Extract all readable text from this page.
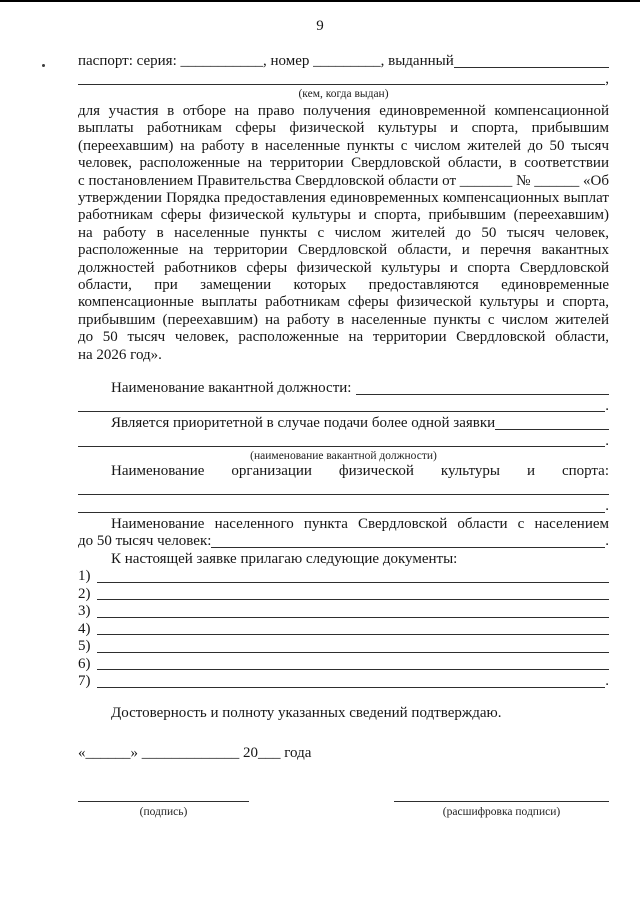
9
паспорт: серия: ___________, номер _________, выданный
,
(кем, когда выдан)
для участия в отборе на право получения единовременной компенсационной выплаты работникам сферы физической культуры и спорта, прибывшим (переехавшим) на работу в населенные пункты с числом жителей до 50 тысяч человек, расположенные на территории Свердловской области, в соответствии с постановлением Правительства Свердловской области от _______ № ______ «Об утверждении Порядка предоставления единовременных компенсационных выплат работникам сферы физической культуры и спорта, прибывшим (переехавшим) на работу в населенные пункты с числом жителей до 50 тысяч человек, расположенные на территории Свердловской области, и перечня вакантных должностей работников сферы физической культуры и спорта Свердловской области, при замещении которых предоставляются единовременные компенсационные выплаты работникам сферы физической культуры и спорта, прибывшим (переехавшим) на работу в населенные пункты с числом жителей до 50 тысяч человек, расположенные на территории Свердловской области, на 2026 год».
Наименование вакантной должности:
.
Является приоритетной в случае подачи более одной заявки
.
(наименование вакантной должности)
Наименование организации физической культуры и спорта:
.
Наименование населенного пункта Свердловской области с населением
до 50 тысяч человек:	.
К настоящей заявке прилагаю следующие документы:
1)
2)
3)
4)
5)
6)
7)	.
Достоверность и полноту указанных сведений подтверждаю.
«______» _____________ 20___ года
(подпись)	(расшифровка подписи)
